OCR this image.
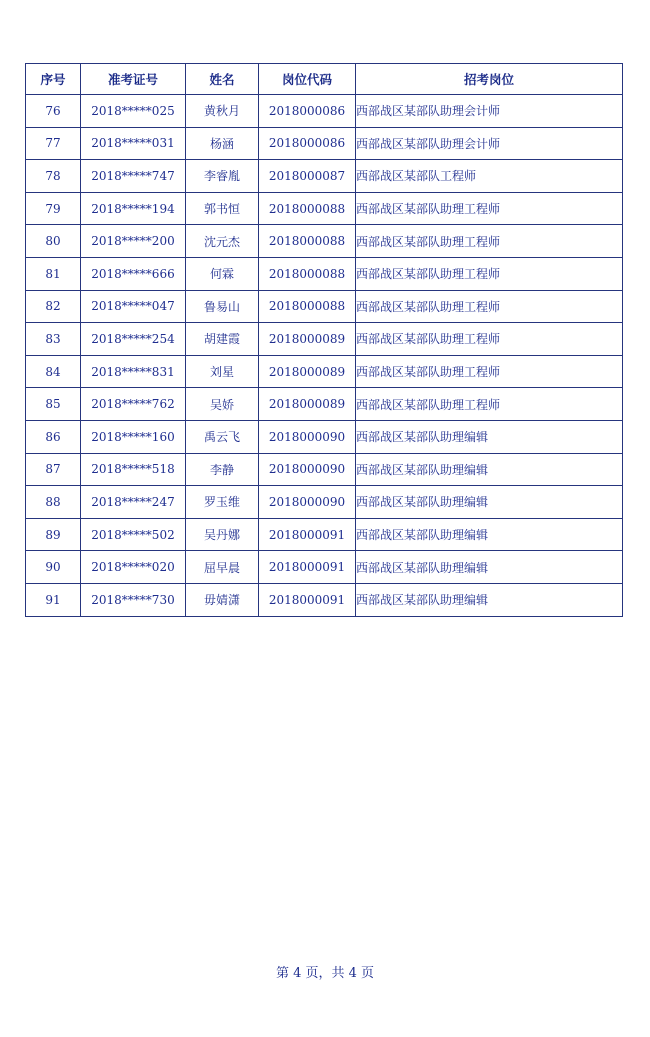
序号	准考证号	姓名	岗位代码	招考岗位
76	2018*****025	黄秋月	2018000086	西部战区某部队助理会计师
77	2018*****031	杨涵	2018000086	西部战区某部队助理会计师
78	2018*****747	李睿胤	2018000087	西部战区某部队工程师
79	2018*****194	郭书恒	2018000088	西部战区某部队助理工程师
80	2018*****200	沈元杰	2018000088	西部战区某部队助理工程师
81	2018*****666	何霖	2018000088	西部战区某部队助理工程师
82	2018*****047	鲁易山	2018000088	西部战区某部队助理工程师
83	2018*****254	胡建霞	2018000089	西部战区某部队助理工程师
84	2018*****831	刘星	2018000089	西部战区某部队助理工程师
85	2018*****762	吴娇	2018000089	西部战区某部队助理工程师
86	2018*****160	禹云飞	2018000090	西部战区某部队助理编辑
87	2018*****518	李静	2018000090	西部战区某部队助理编辑
88	2018*****247	罗玉维	2018000090	西部战区某部队助理编辑
89	2018*****502	吴丹娜	2018000091	西部战区某部队助理编辑
90	2018*****020	屈早晨	2018000091	西部战区某部队助理编辑
91	2018*****730	毋婧潇	2018000091	西部战区某部队助理编辑
第 4 页，共 4 页
